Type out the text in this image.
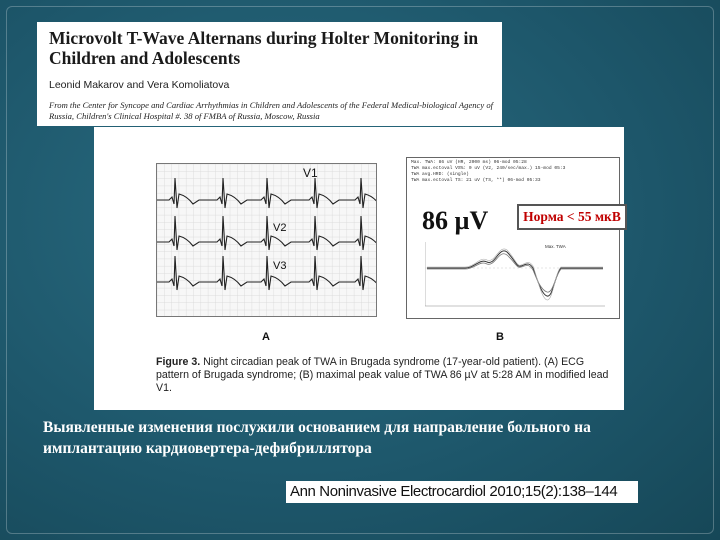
Microvolt T-Wave Alternans during Holter Monitoring in Children and Adolescents
Leonid Makarov and Vera Komoliatova
From the Center for Syncope and Cardiac Arrhythmias in Children and Adolescents of the Federal Medical-biological Agency of Russia, Children's Clinical Hospital #. 38 of FMBA of Russia, Moscow, Russia
V1
V2
V3
A
Max. TWA: 86 uV (HR, 2000 ms) 06-mod 05:28
TWA max.ectoval VS%: 0 uV (V2, 240/sec/max.) 15-mod 05:3
TWA avg.HRD: (single)
TWA max.ectoval TS: 21 uV (TS, **) 06-mod 05:33
86 µV
Max. TWA
B
Figure 3. Night circadian peak of TWA in Brugada syndrome (17-year-old patient). (A) ECG pattern of Brugada syndrome; (B) maximal peak value of TWA 86 µV at 5:28 AM in modified lead V1.
Норма < 55 мкВ
Выявленные изменения послужили основанием для направление больного на имплантацию кардиовертера-дефибриллятора
Ann Noninvasive Electrocardiol 2010;15(2):138–144
